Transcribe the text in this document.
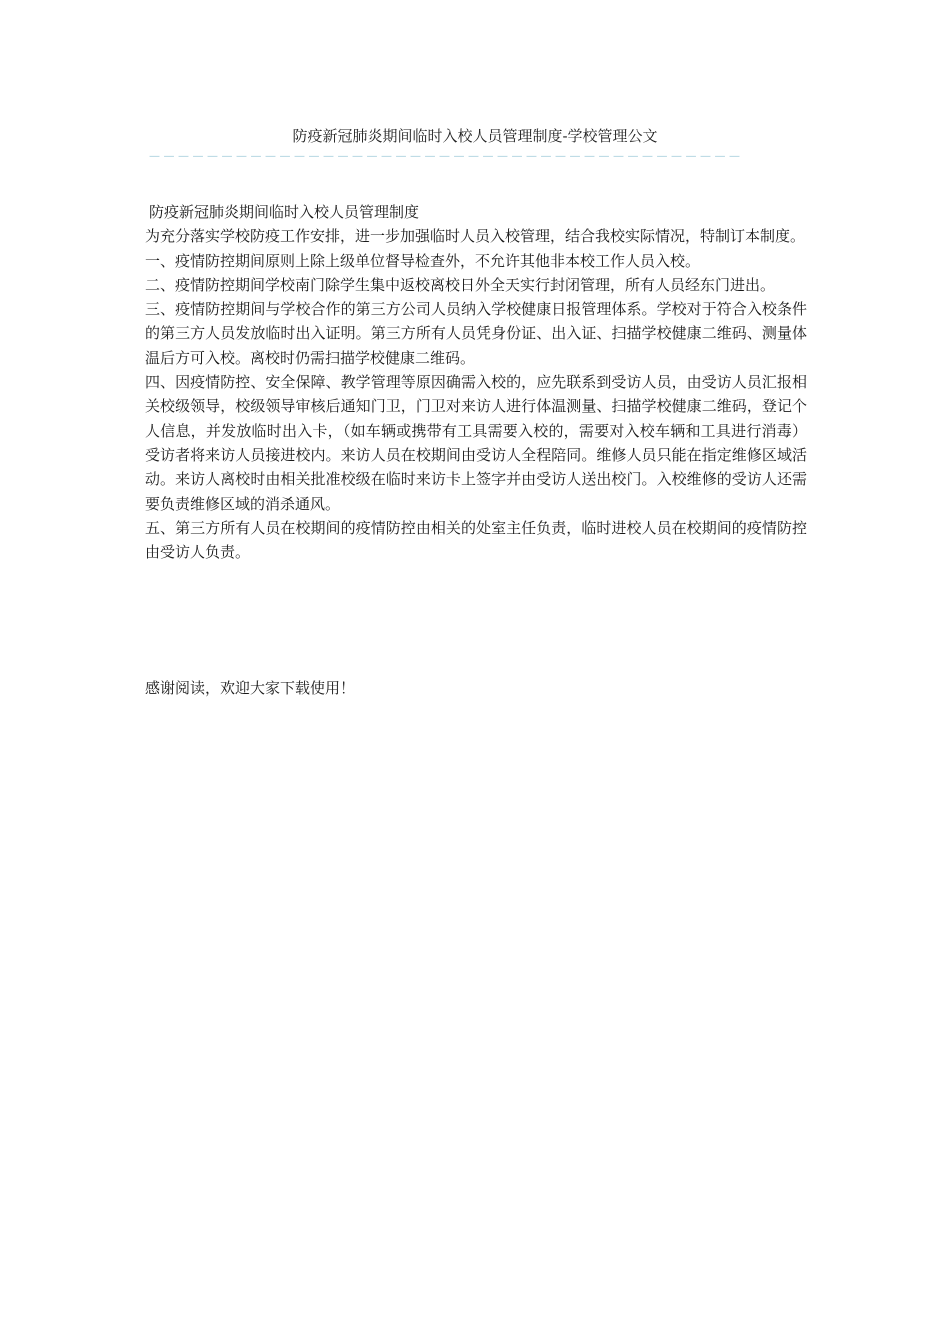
防疫新冠肺炎期间临时入校人员管理制度-学校管理公文
－－－－－－－－－－－－－－－－－－－－－－－－－－－－－－－－－－－－－－－－－

防疫新冠肺炎期间临时入校人员管理制度

为充分落实学校防疫工作安排，进一步加强临时人员入校管理，结合我校实际情况，特制订本制度。

一、疫情防控期间原则上除上级单位督导检查外，不允许其他非本校工作人员入校。

二、疫情防控期间学校南门除学生集中返校离校日外全天实行封闭管理，所有人员经东门进出。

三、疫情防控期间与学校合作的第三方公司人员纳入学校健康日报管理体系。学校对于符合入校条件的第三方人员发放临时出入证明。第三方所有人员凭身份证、出入证、扫描学校健康二维码、测量体温后方可入校。离校时仍需扫描学校健康二维码。

四、因疫情防控、安全保障、教学管理等原因确需入校的，应先联系到受访人员，由受访人员汇报相关校级领导，校级领导审核后通知门卫，门卫对来访人进行体温测量、扫描学校健康二维码，登记个人信息，并发放临时出入卡，（如车辆或携带有工具需要入校的，需要对入校车辆和工具进行消毒）受访者将来访人员接进校内。来访人员在校期间由受访人全程陪同。维修人员只能在指定维修区域活动。来访人离校时由相关批准校级在临时来访卡上签字并由受访人送出校门。入校维修的受访人还需要负责维修区域的消杀通风。

五、第三方所有人员在校期间的疫情防控由相关的处室主任负责，临时进校人员在校期间的疫情防控由受访人负责。

感谢阅读，欢迎大家下载使用！
